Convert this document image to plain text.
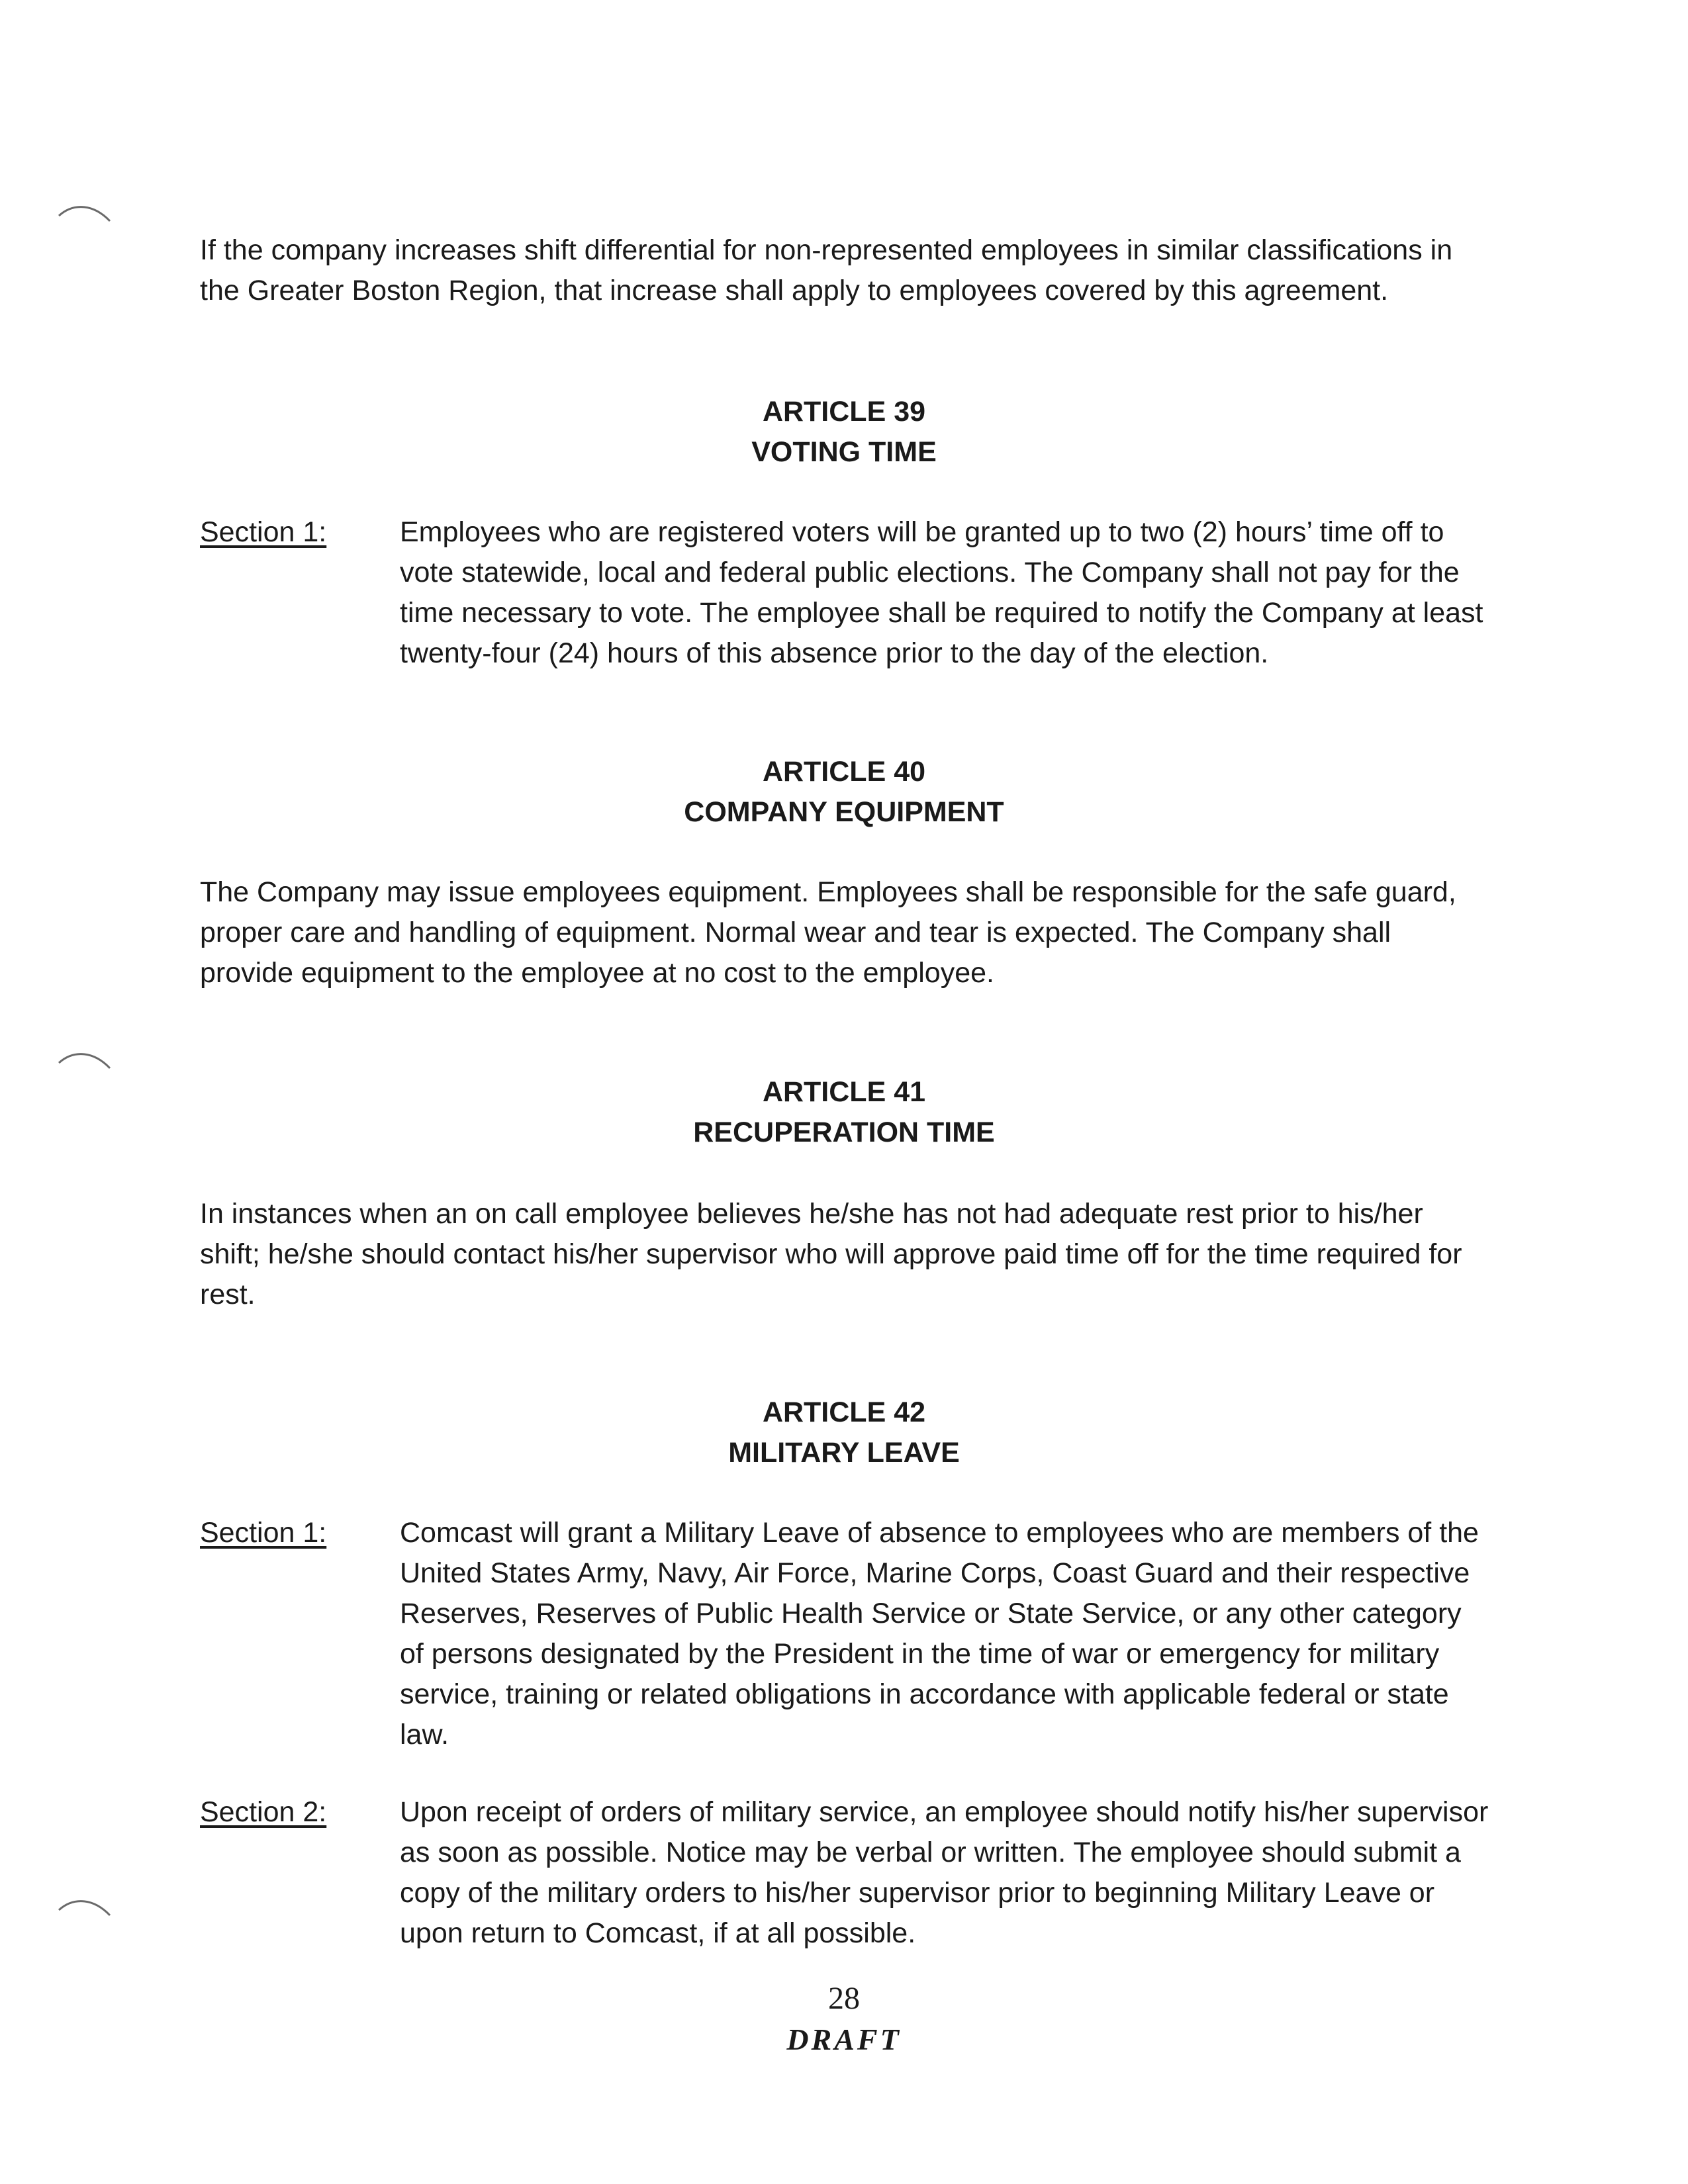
If the company increases shift differential for non-represented employees in similar classifications in the Greater Boston Region, that increase shall apply to employees covered by this agreement.

ARTICLE 39
VOTING TIME
Section 1:	Employees who are registered voters will be granted up to two (2) hours’ time off to vote statewide, local and federal public elections. The Company shall not pay for the time necessary to vote. The employee shall be required to notify the Company at least twenty-four (24) hours of this absence prior to the day of the election.

ARTICLE 40
COMPANY EQUIPMENT

The Company may issue employees equipment. Employees shall be responsible for the safe guard, proper care and handling of equipment. Normal wear and tear is expected. The Company shall provide equipment to the employee at no cost to the employee.

ARTICLE 41
RECUPERATION TIME

In instances when an on call employee believes he/she has not had adequate rest prior to his/her shift; he/she should contact his/her supervisor who will approve paid time off for the time required for rest.

ARTICLE 42
MILITARY LEAVE
Section 1:	Comcast will grant a Military Leave of absence to employees who are members of the United States Army, Navy, Air Force, Marine Corps, Coast Guard and their respective Reserves, Reserves of Public Health Service or State Service, or any other category of persons designated by the President in the time of war or emergency for military service, training or related obligations in accordance with applicable federal or state law.

Section 2:	Upon receipt of orders of military service, an employee should notify his/her supervisor as soon as possible. Notice may be verbal or written. The employee should submit a copy of the military orders to his/her supervisor prior to beginning Military Leave or upon return to Comcast, if at all possible.

28
DRAFT
